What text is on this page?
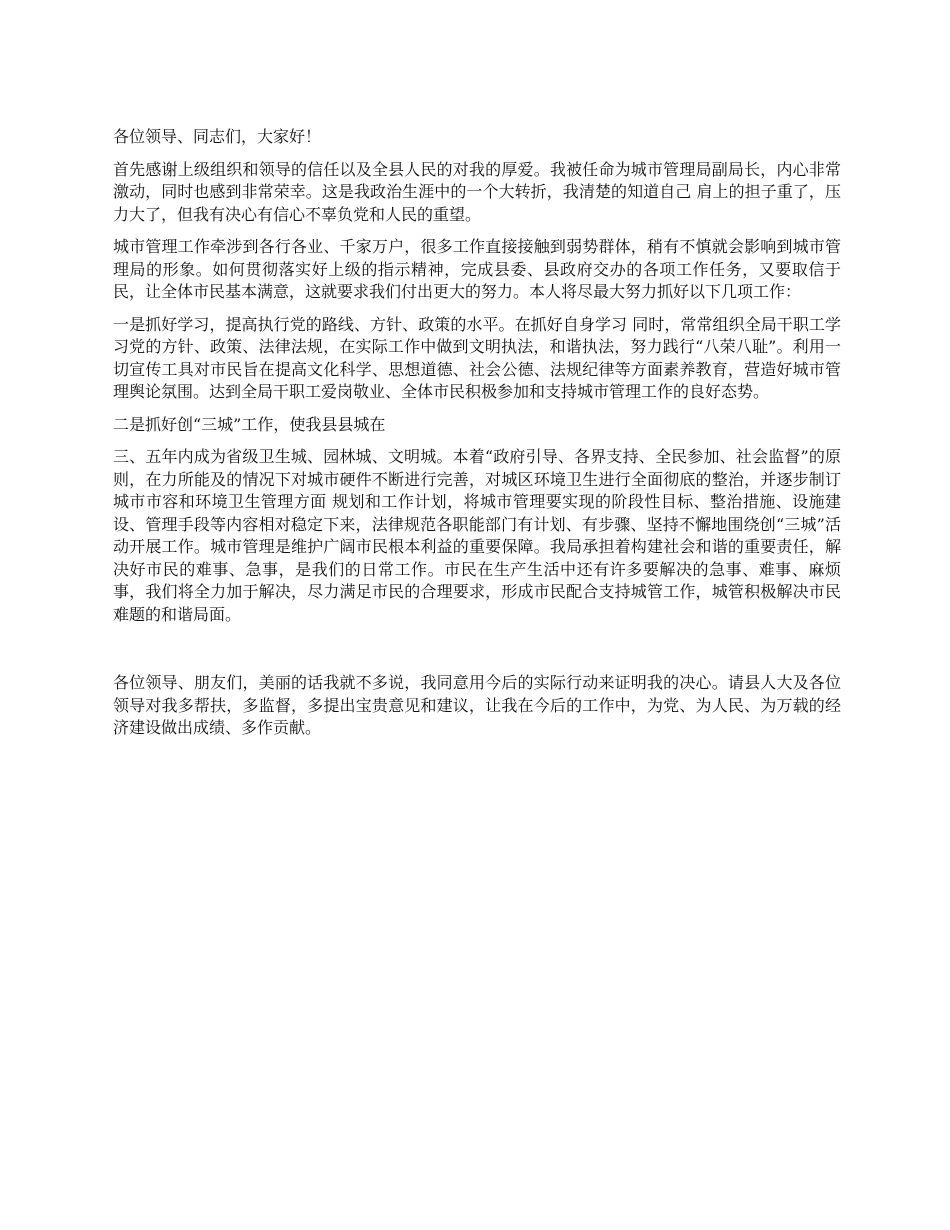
各位领导、同志们，大家好！

首先感谢上级组织和领导的信任以及全县人民的对我的厚爱。我被任命为城市管理局副局长，内心非常激动，同时也感到非常荣幸。这是我政治生涯中的一个大转折，我清楚的知道自己 肩上的担子重了，压力大了，但我有决心有信心不辜负党和人民的重望。

城市管理工作牵涉到各行各业、千家万户，很多工作直接接触到弱势群体，稍有不慎就会影响到城市管理局的形象。如何贯彻落实好上级的指示精神，完成县委、县政府交办的各项工作任务，又要取信于民，让全体市民基本满意，这就要求我们付出更大的努力。本人将尽最大努力抓好以下几项工作：

一是抓好学习，提高执行党的路线、方针、政策的水平。在抓好自身学习 同时，常常组织全局干职工学习党的方针、政策、法律法规，在实际工作中做到文明执法，和谐执法，努力践行“八荣八耻”。利用一切宣传工具对市民旨在提高文化科学、思想道德、社会公德、法规纪律等方面素养教育，营造好城市管理舆论氛围。达到全局干职工爱岗敬业、全体市民积极参加和支持城市管理工作的良好态势。

二是抓好创“三城”工作，使我县县城在

三、五年内成为省级卫生城、园林城、文明城。本着“政府引导、各界支持、全民参加、社会监督”的原则，在力所能及的情况下对城市硬件不断进行完善，对城区环境卫生进行全面彻底的整治，并逐步制订城市市容和环境卫生管理方面 规划和工作计划，将城市管理要实现的阶段性目标、整治措施、设施建设、管理手段等内容相对稳定下来，法律规范各职能部门有计划、有步骤、坚持不懈地围绕创“三城”活动开展工作。城市管理是维护广阔市民根本利益的重要保障。我局承担着构建社会和谐的重要责任，解决好市民的难事、急事，是我们的日常工作。市民在生产生活中还有许多要解决的急事、难事、麻烦事，我们将全力加于解决，尽力满足市民的合理要求，形成市民配合支持城管工作，城管积极解决市民难题的和谐局面。

各位领导、朋友们，美丽的话我就不多说，我同意用今后的实际行动来证明我的决心。请县人大及各位领导对我多帮扶，多监督，多提出宝贵意见和建议，让我在今后的工作中，为党、为人民、为万载的经济建设做出成绩、多作贡献。
